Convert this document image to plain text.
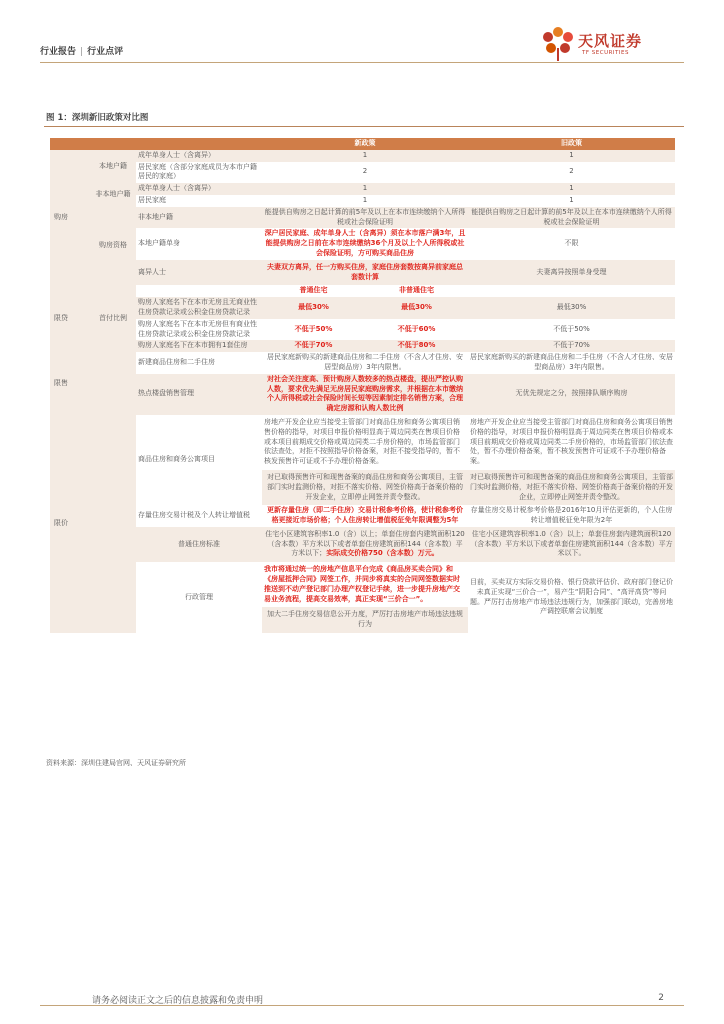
行业报告 | 行业点评
天风证券
TF SECURITIES
图 1：深圳新旧政策对比图
			新政策		旧政策
购房	本地户籍	成年单身人士（含离异）	1		1
		居民家庭（含部分家庭成员为本市户籍居民的家庭）	2		2
	非本地户籍	成年单身人士（含离异）	1		1
		居民家庭	1		1
	购房资格	非本地户籍	能提供自购房之日起计算的前5年及以上在本市连续缴纳个人所得税或社会保险证明		能提供自购房之日起计算的前5年及以上在本市连续缴纳个人所得税或社会保险证明
		本地户籍单身	深户居民家庭、成年单身人士（含离异）须在本市落户满3年，且能提供购房之日前在本市连续缴纳36个月及以上个人所得税或社会保险证明，方可购买商品住房		不限
		离异人士	夫妻双方离异，任一方购买住房，家庭住房套数按离异前家庭总套数计算		夫妻离异按照单身受理
限贷	首付比例		普通住宅	非普通住宅	
		购房人家庭名下在本市无房且无商业性住房贷款记录或公积金住房贷款记录	最低30%	最低30%	最低30%
		购房人家庭名下在本市无房但有商业性住房贷款记录或公积金住房贷款记录	不低于50%	不低于60%	不低于50%
		购房人家庭名下在本市拥有1套住房	不低于70%	不低于80%	不低于70%
限售		新建商品住房和二手住房	居民家庭新购买的新建商品住房和二手住房（不含人才住房、安居型商品房）3年内限售。		居民家庭新购买的新建商品住房和二手住房（不含人才住房、安居型商品房）3年内限售。
		热点楼盘销售管理	对社会关注度高、预计购房人数较多的热点楼盘，提出严控认购人数，要求优先满足无房居民家庭购房需求，并根据在本市缴纳个人所得税或社会保险时间长短等因素制定排名销售方案，合理确定房源和认购人数比例		无优先规定之分，按照排队顺序购房
限价		商品住房和商务公寓项目	房地产开发企业应当接受主管部门对商品住房和商务公寓项目销售价格的指导，对项目申报价格明显高于周边同类在售项目价格或本项目前期成交价格或周边同类二手房价格的，市场监管部门依法查处，对拒不按照指导价格备案，对拒不接受指导的，暂不核发预售许可证或不予办理价格备案。		房地产开发企业应当接受主管部门对商品住房和商务公寓项目销售价格的指导，对项目申报价格明显高于周边同类在售项目价格或本项目前期成交价格或周边同类二手房价格的，市场监管部门依法查处，暂不办理价格备案，暂不核发预售许可证或不予办理价格备案。
			对已取得预售许可和现售备案的商品住房和商务公寓项目，主管部门实时监测价格，对拒不落实价格、网签价格高于备案价格的开发企业，立即停止网签并责令整改。		对已取得预售许可和现售备案的商品住房和商务公寓项目，主管部门实时监测价格，对拒不落实价格、网签价格高于备案价格的开发企业，立即停止网签并责令整改。
		存量住房交易计税及个人转让增值税	更新存量住房（即二手住房）交易计税参考价格，使计税参考价格更接近市场价格；个人住房转让增值税征免年限调整为5年		存量住房交易计税参考价格是2016年10月评估更新的，个人住房转让增值税征免年限为2年
		普通住房标准	住宅小区建筑容积率1.0（含）以上；单套住房套内建筑面积120（含本数）平方米以下或者单套住房建筑面积144（含本数）平方米以下；实际成交价格750（含本数）万元。		住宅小区建筑容积率1.0（含）以上；单套住房套内建筑面积120（含本数）平方米以下或者单套住房建筑面积144（含本数）平方米以下。
		行政管理	我市将通过统一的房地产信息平台完成《商品房买卖合同》和《房屋抵押合同》网签工作，并同步将真实的合同网签数据实时推送到不动产登记部门办理产权登记手续，进一步提升房地产交易业务流程，提高交易效率，真正实现“三价合一”。		目前，买卖双方实际交易价格、银行贷款评估价、政府部门登记价未真正实现“三价合一”，易产生“阴阳合同”、“高评高贷”等问题。严厉打击房地产市场违法违规行为，加强部门联动，完善房地产调控联席会议制度
			加大二手住房交易信息公开力度，严厉打击房地产市场违法违规行为		
资料来源：深圳住建局官网、天风证券研究所
请务必阅读正文之后的信息披露和免责申明	2
